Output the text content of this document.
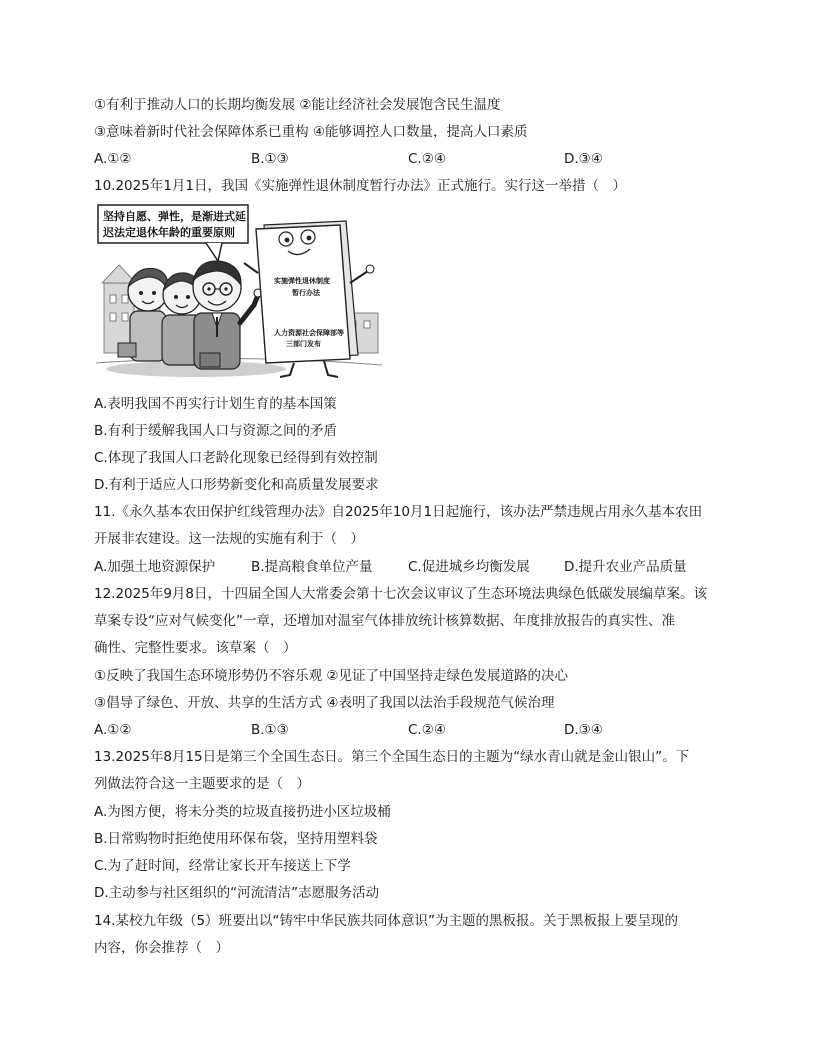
①有利于推动人口的长期均衡发展 ②能让经济社会发展饱含民生温度
③意味着新时代社会保障体系已重构 ④能够调控人口数量，提高人口素质
A.①②	B.①③	C.②④	D.③④
10.2025年1月1日，我国《实施弹性退休制度暂行办法》正式施行。实行这一举措（　）
坚持自愿、弹性，是渐进式延
迟法定退休年龄的重要原则
实施弹性退休制度
暂行办法
人力资源社会保障部等
三部门发布
A.表明我国不再实行计划生育的基本国策
B.有利于缓解我国人口与资源之间的矛盾
C.体现了我国人口老龄化现象已经得到有效控制
D.有利于适应人口形势新变化和高质量发展要求
11.《永久基本农田保护红线管理办法》自2025年10月1日起施行，该办法严禁违规占用永久基本农田
开展非农建设。这一法规的实施有利于（　）
A.加强土地资源保护	B.提高粮食单位产量	C.促进城乡均衡发展	D.提升农业产品质量
12.2025年9月8日，十四届全国人大常委会第十七次会议审议了生态环境法典绿色低碳发展编草案。该
草案专设“应对气候变化”一章，还增加对温室气体排放统计核算数据、年度排放报告的真实性、准
确性、完整性要求。该草案（　）
①反映了我国生态环境形势仍不容乐观 ②见证了中国坚持走绿色发展道路的决心
③倡导了绿色、开放、共享的生活方式 ④表明了我国以法治手段规范气候治理
A.①②	B.①③	C.②④	D.③④
13.2025年8月15日是第三个全国生态日。第三个全国生态日的主题为“绿水青山就是金山银山”。下
列做法符合这一主题要求的是（　）
A.为图方便，将未分类的垃圾直接扔进小区垃圾桶
B.日常购物时拒绝使用环保布袋，坚持用塑料袋
C.为了赶时间，经常让家长开车接送上下学
D.主动参与社区组织的“河流清洁”志愿服务活动
14.某校九年级（5）班要出以“铸牢中华民族共同体意识”为主题的黑板报。关于黑板报上要呈现的
内容，你会推荐（　）
